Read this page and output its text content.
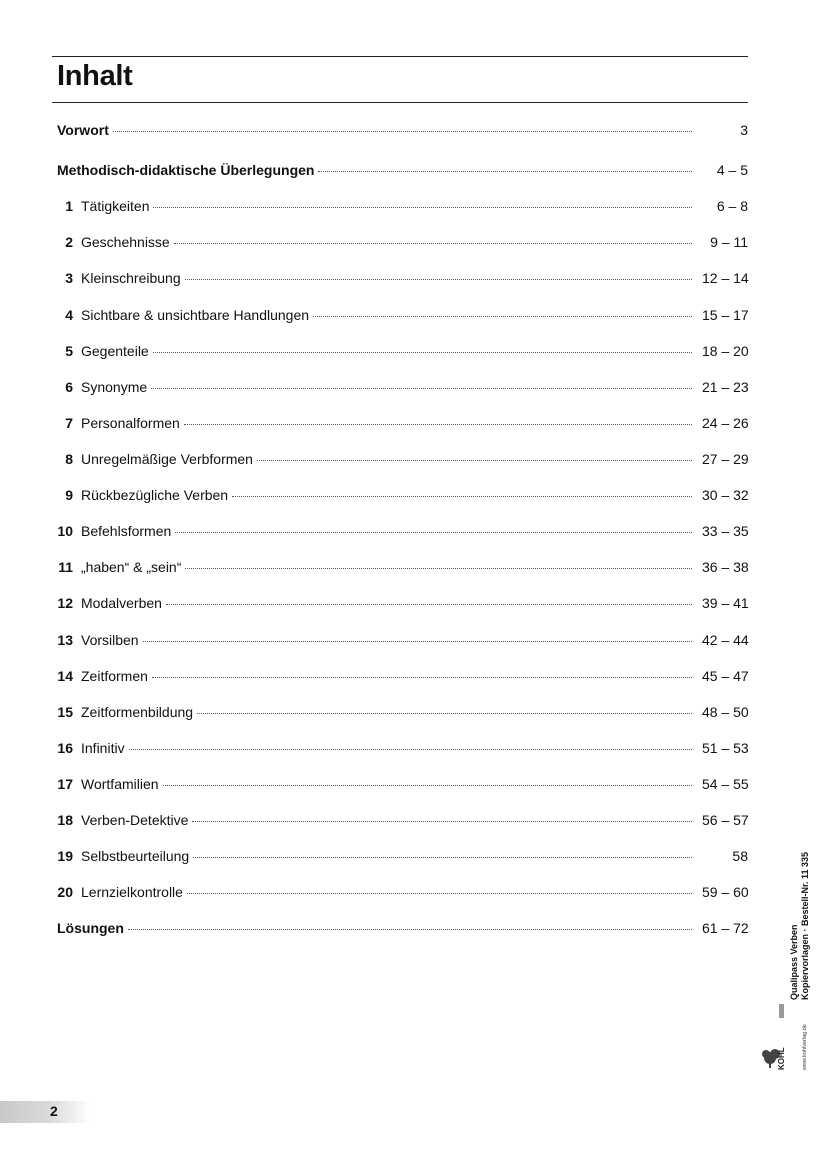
Inhalt
Vorwort	3
Methodisch-didaktische Überlegungen	4 – 5
1 Tätigkeiten	6 – 8
2 Geschehnisse	9 – 11
3 Kleinschreibung	12 – 14
4 Sichtbare & unsichtbare Handlungen	15 – 17
5 Gegenteile	18 – 20
6 Synonyme	21 – 23
7 Personalformen	24 – 26
8 Unregelmäßige Verbformen	27 – 29
9 Rückbezügliche Verben	30 – 32
10 Befehlsformen	33 – 35
11 „haben“ & „sein“	36 – 38
12 Modalverben	39 – 41
13 Vorsilben	42 – 44
14 Zeitformen	45 – 47
15 Zeitformenbildung	48 – 50
16 Infinitiv	51 – 53
17 Wortfamilien	54 – 55
18 Verben-Detektive	56 – 57
19 Selbstbeurteilung	58
20 Lernzielkontrolle	59 – 60
Lösungen	61 – 72	Qualipass Verben Kopiervorlagen · Bestell-Nr. 11 335
KOHL	www.kohlverlag.de
2
